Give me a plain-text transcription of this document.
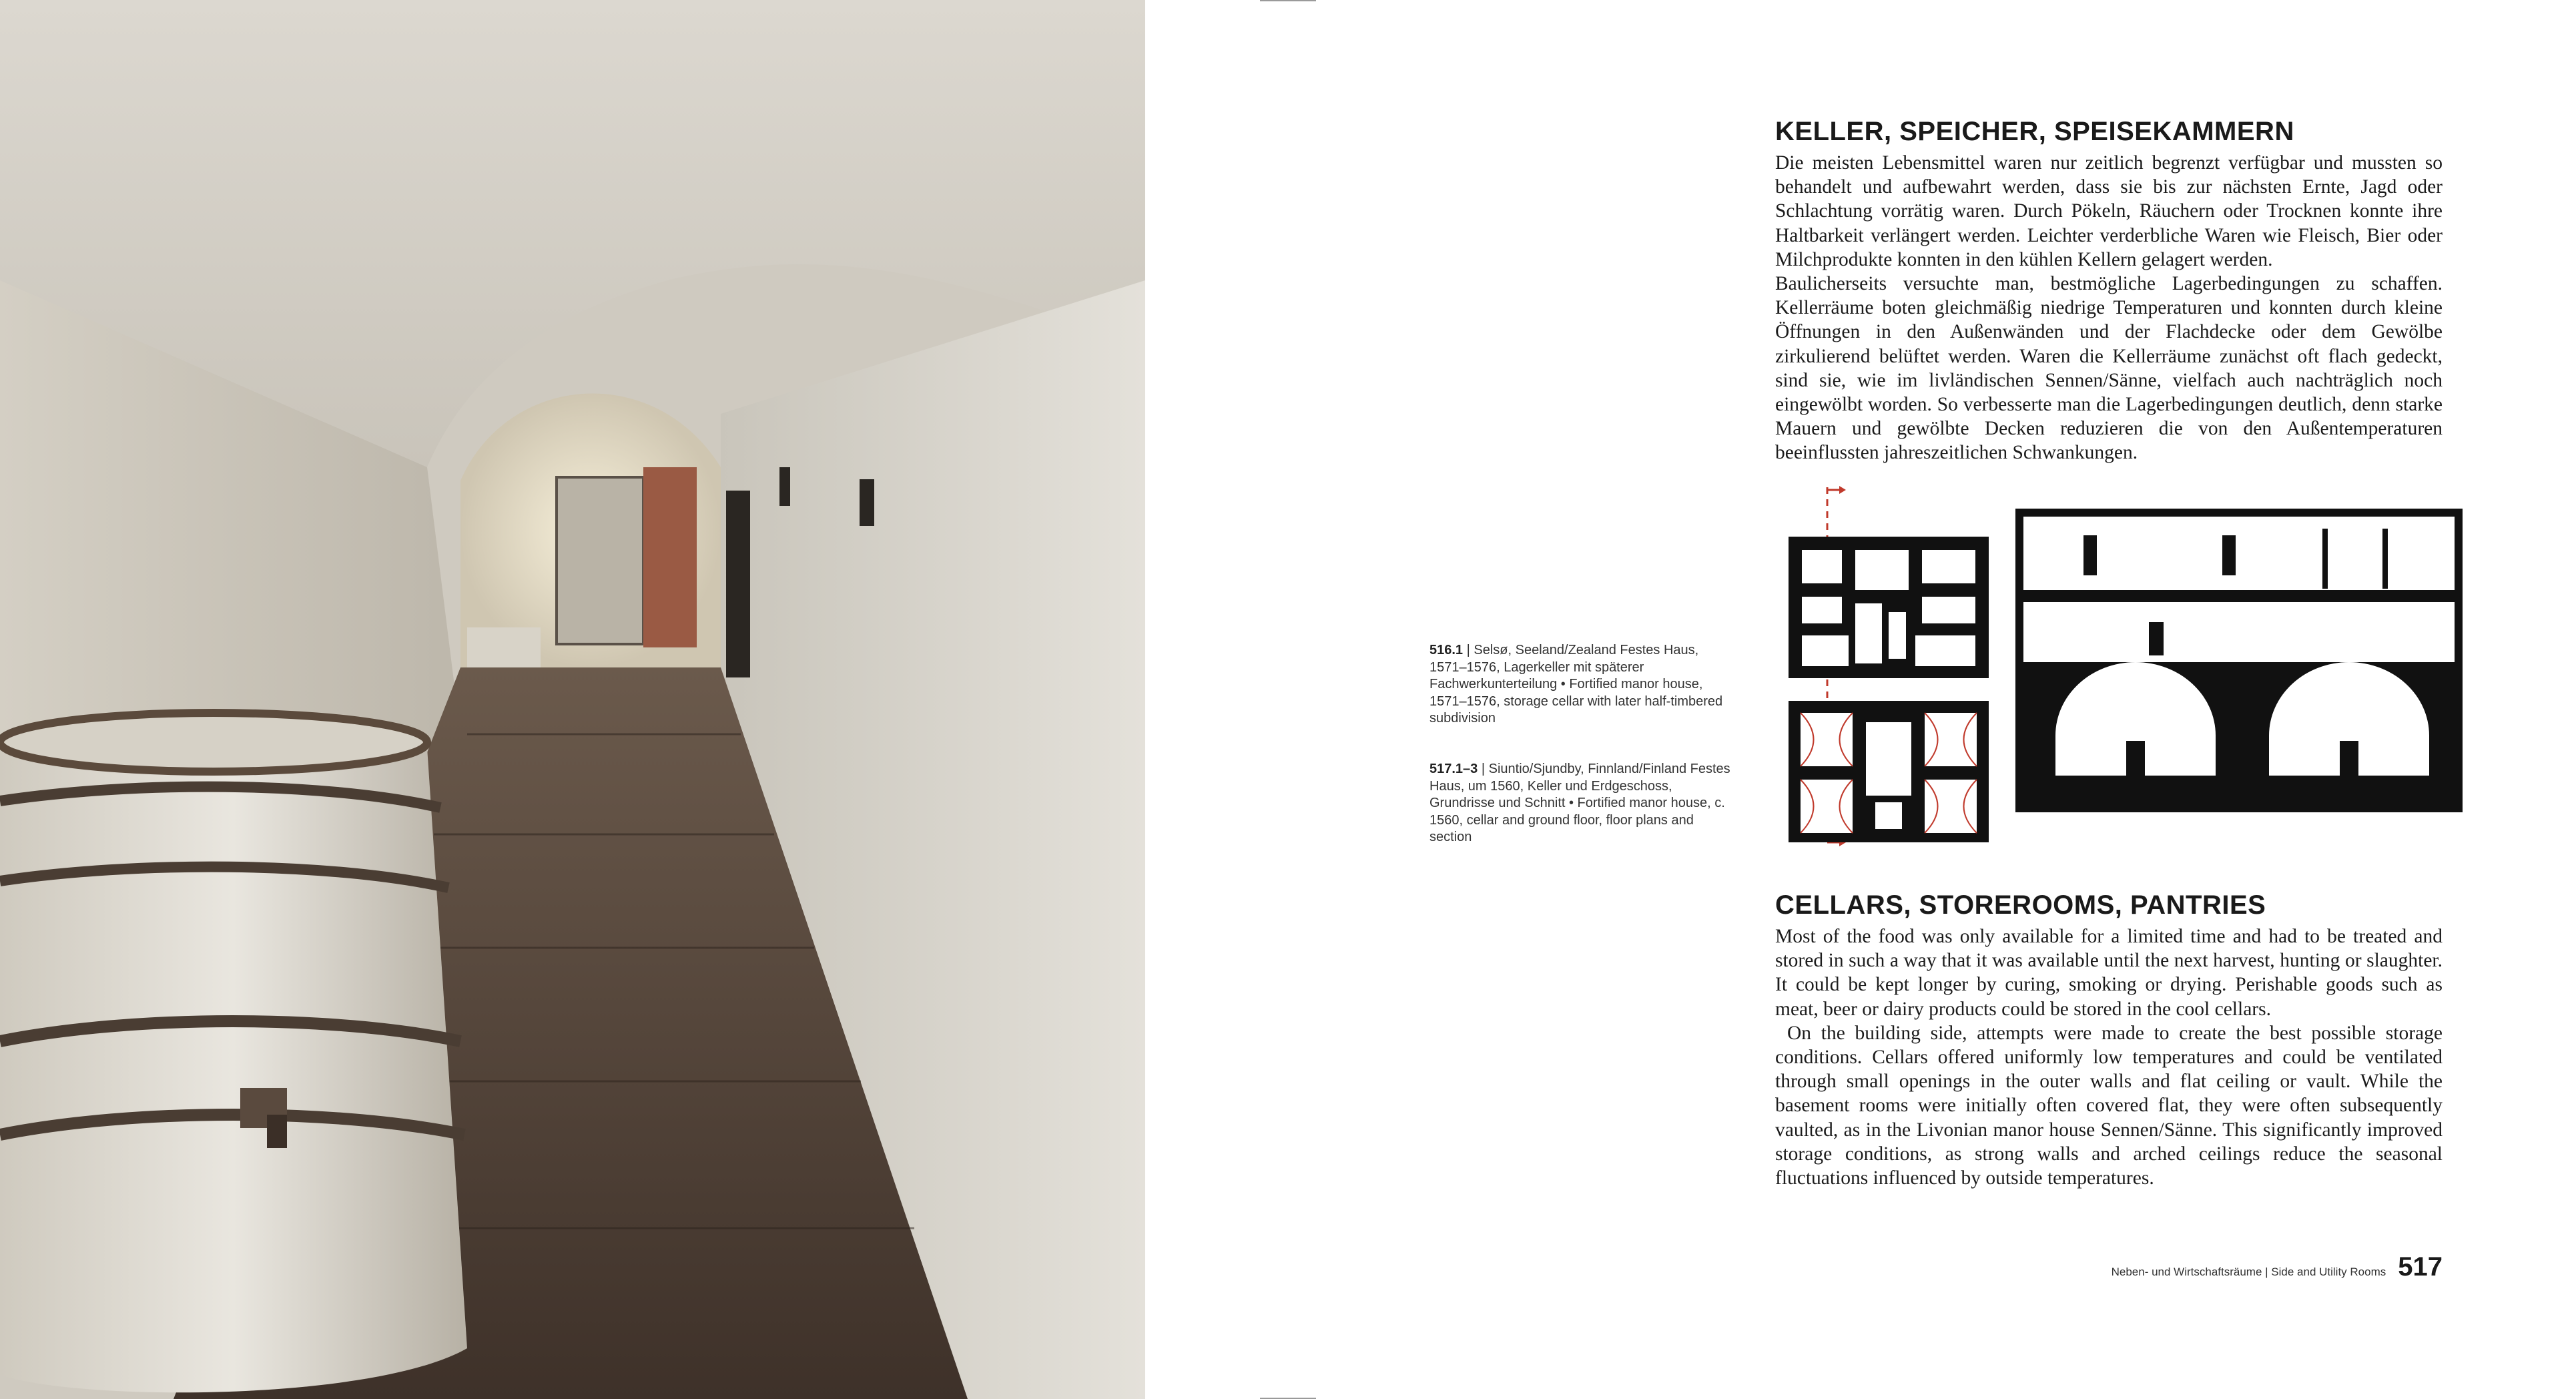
KELLER, SPEICHER, SPEISEKAMMERN

Die meisten Lebensmittel waren nur zeitlich begrenzt verfügbar und mussten so behandelt und aufbewahrt werden, dass sie bis zur nächsten Ernte, Jagd oder Schlachtung vorrätig waren. Durch Pökeln, Räuchern oder Trocknen konnte ihre Haltbarkeit verlängert werden. Leichter verderbliche Waren wie Fleisch, Bier oder Milchprodukte konnten in den kühlen Kellern gelagert werden.

Baulicherseits versuchte man, bestmögliche Lagerbedingungen zu schaffen. Kellerräume boten gleichmäßig niedrige Temperaturen und konnten durch kleine Öffnungen in den Außenwänden und der Flachdecke oder dem Gewölbe zirkulierend belüftet werden. Waren die Kellerräume zunächst oft flach gedeckt, sind sie, wie im livländischen Sennen/Sänne, vielfach auch nachträglich noch eingewölbt worden. So verbesserte man die Lagerbedingungen deutlich, denn starke Mauern und gewölbte Decken reduzieren die von den Außentemperaturen beeinflussten jahreszeitlichen Schwankungen.

516.1 | Selsø, Seeland/Zealand Festes Haus, 1571–1576, Lagerkeller mit späterer Fachwerkunterteilung • Fortified manor house, 1571–1576, storage cellar with later half-timbered subdivision
517.1–3 | Siuntio/Sjundby, Finnland/Finland Festes Haus, um 1560, Keller und Erdgeschoss, Grundrisse und Schnitt • Fortified manor house, c. 1560, cellar and ground floor, floor plans and section
CELLARS, STOREROOMS, PANTRIES

Most of the food was only available for a limited time and had to be treated and stored in such a way that it was available until the next harvest, hunting or slaughter. It could be kept longer by curing, smoking or drying. Perishable goods such as meat, beer or dairy products could be stored in the cool cellars.

On the building side, attempts were made to create the best possible storage conditions. Cellars offered uniformly low temperatures and could be ventilated through small openings in the outer walls and flat ceiling or vault. While the basement rooms were initially often covered flat, they were often subsequently vaulted, as in the Livonian manor house Sennen/Sänne. This significantly improved storage conditions, as strong walls and arched ceilings reduce the seasonal fluctuations influenced by outside temperatures.

Neben- und Wirtschaftsräume | Side and Utility Rooms 517
